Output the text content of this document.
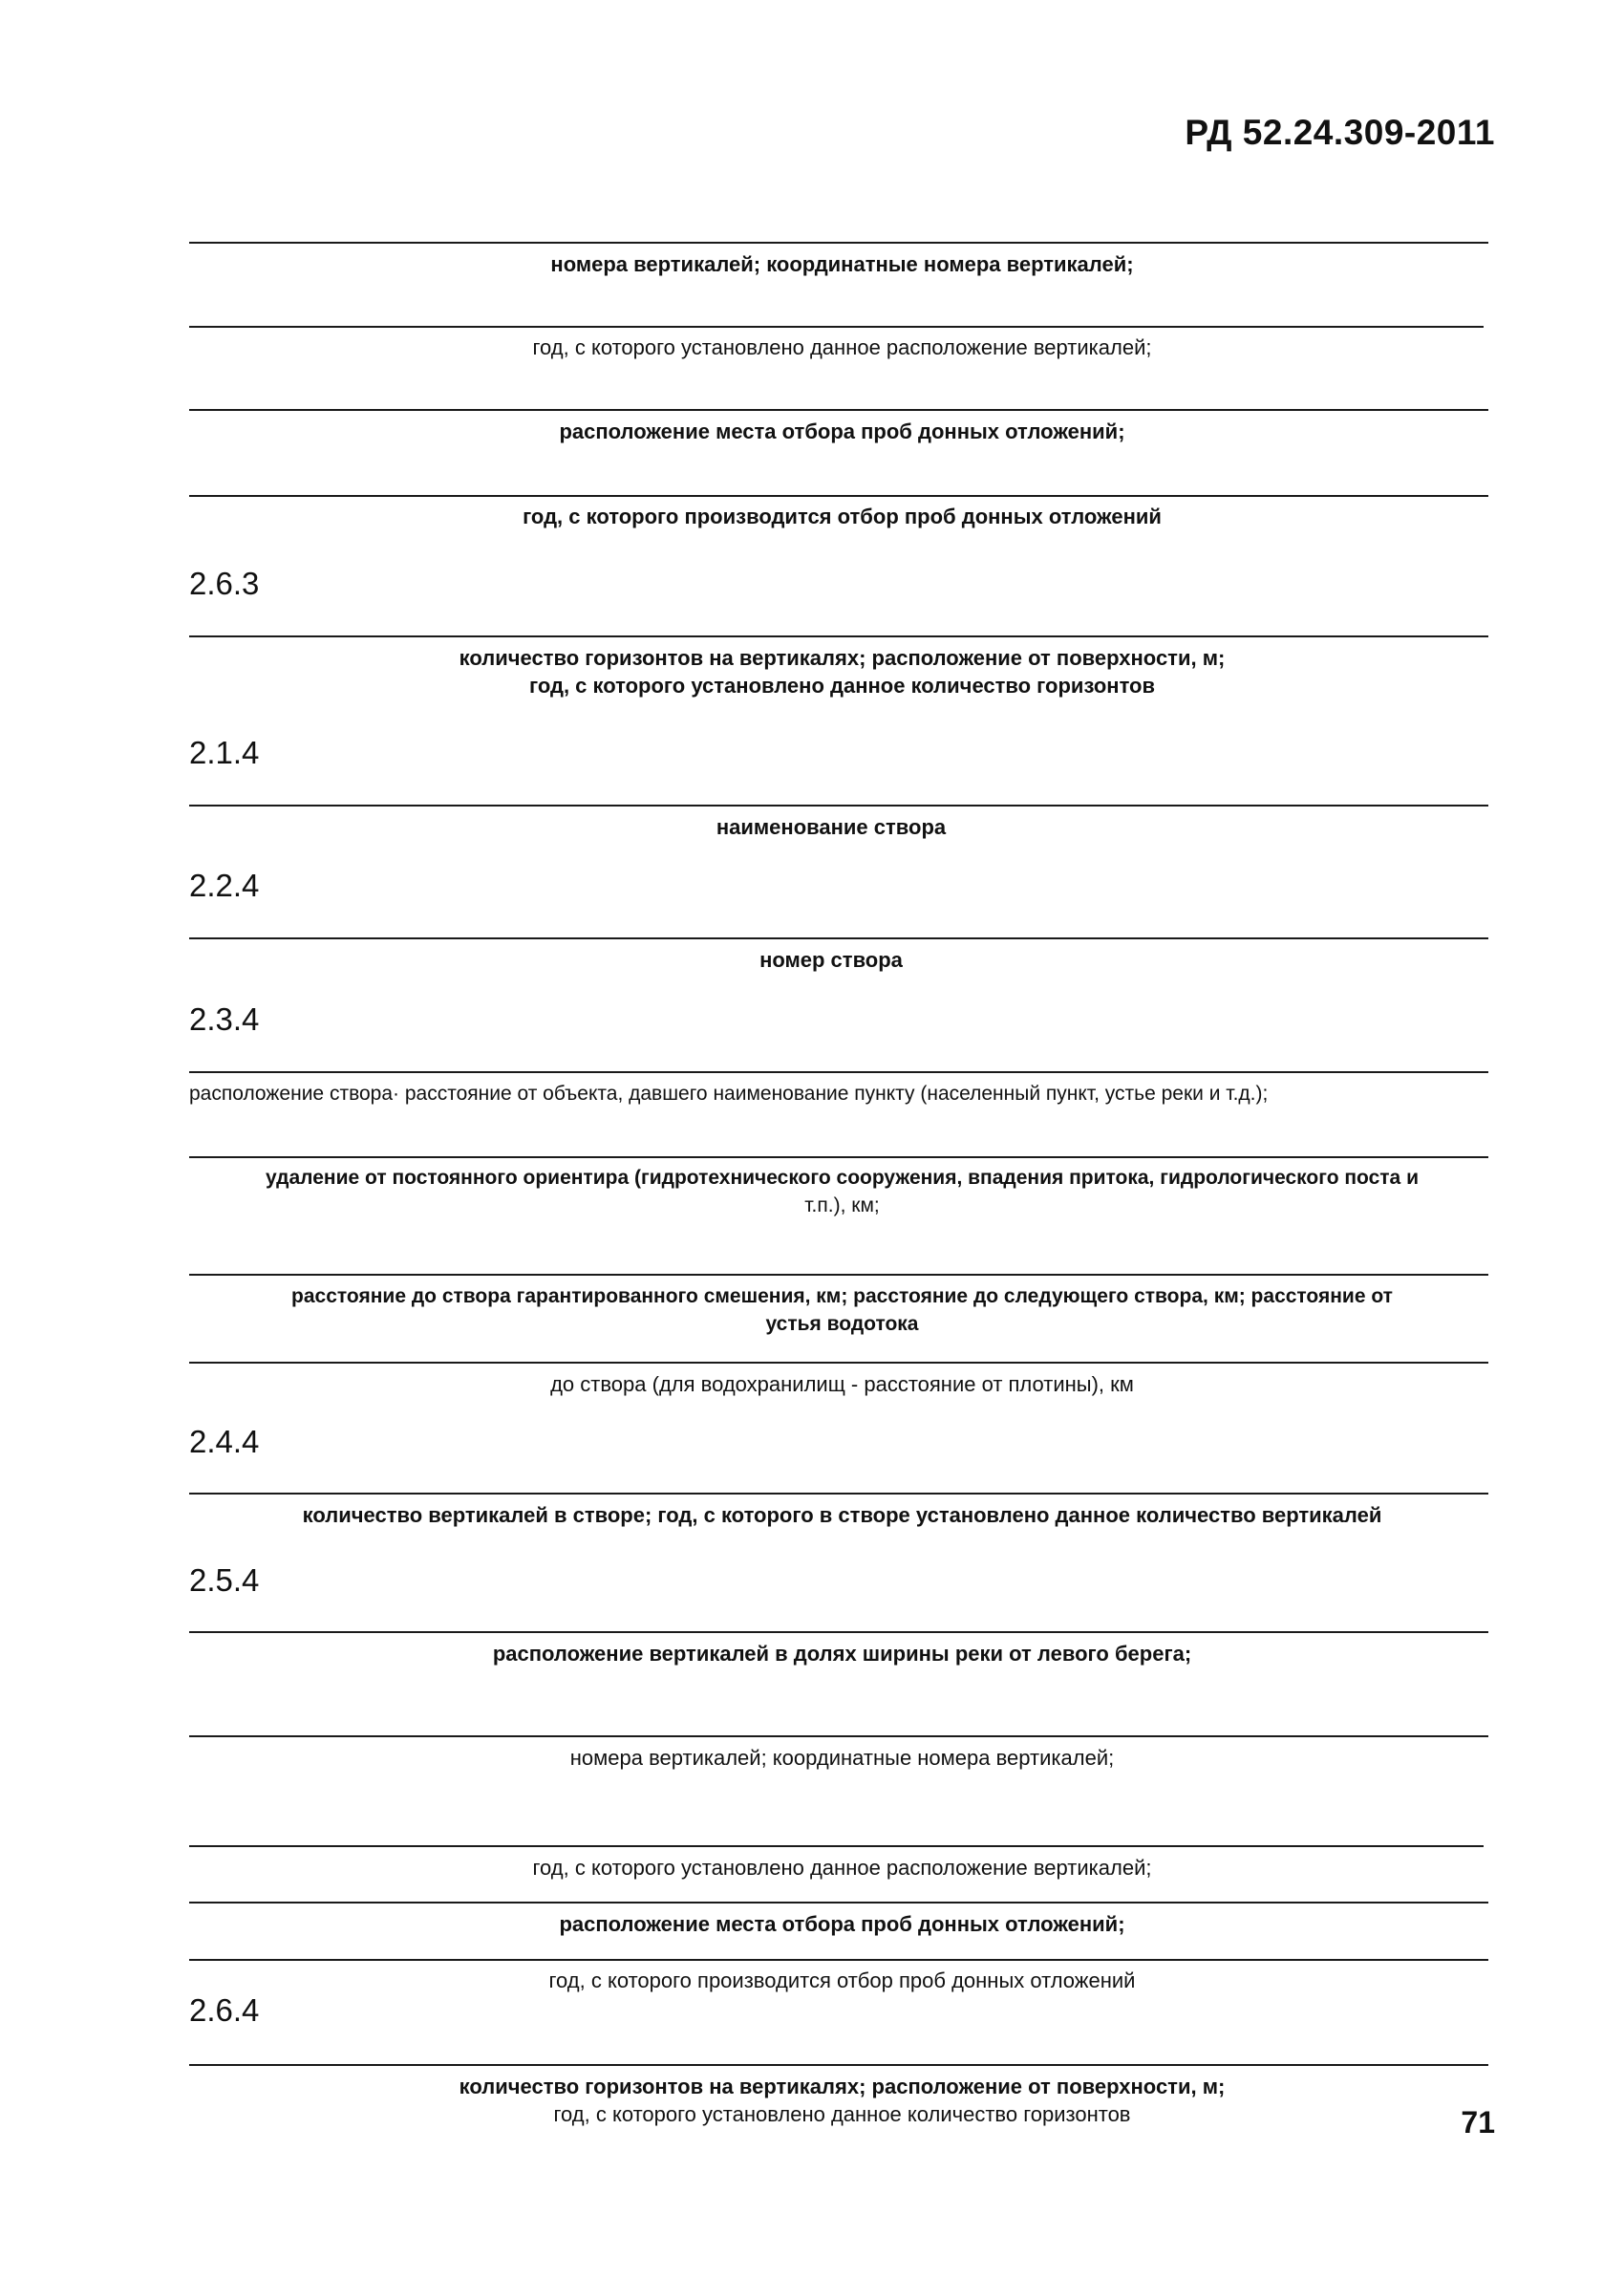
РД 52.24.309-2011
номера вертикалей; координатные номера вертикалей;
год, с которого установлено данное расположение вертикалей;
расположение места отбора проб донных отложений;
год, с которого производится отбор проб донных отложений
2.6.3
количество горизонтов на вертикалях; расположение от поверхности, м;
год, с которого установлено данное количество горизонтов
2.1.4
наименование створа
2.2.4
номер створа
2.3.4
расположение створа· расстояние от объекта, давшего наименование пункту (населенный пункт, устье реки и т.д.);
удаление от постоянного ориентира (гидротехнического сооружения, впадения притока, гидрологического поста и
т.п.), км;
расстояние до створа гарантированного смешения, км; расстояние до следующего створа, км; расстояние от
устья водотока
до створа (для водохранилищ - расстояние от плотины), км
2.4.4
количество вертикалей в створе; год, с которого в створе установлено данное количество вертикалей
2.5.4
расположение вертикалей в долях ширины реки от левого берега;
номера вертикалей; координатные номера вертикалей;
год, с которого установлено данное расположение вертикалей;
расположение места отбора проб донных отложений;
год, с которого производится отбор проб донных отложений
2.6.4
количество горизонтов на вертикалях; расположение от поверхности, м;
год, с которого установлено данное количество горизонтов	71
